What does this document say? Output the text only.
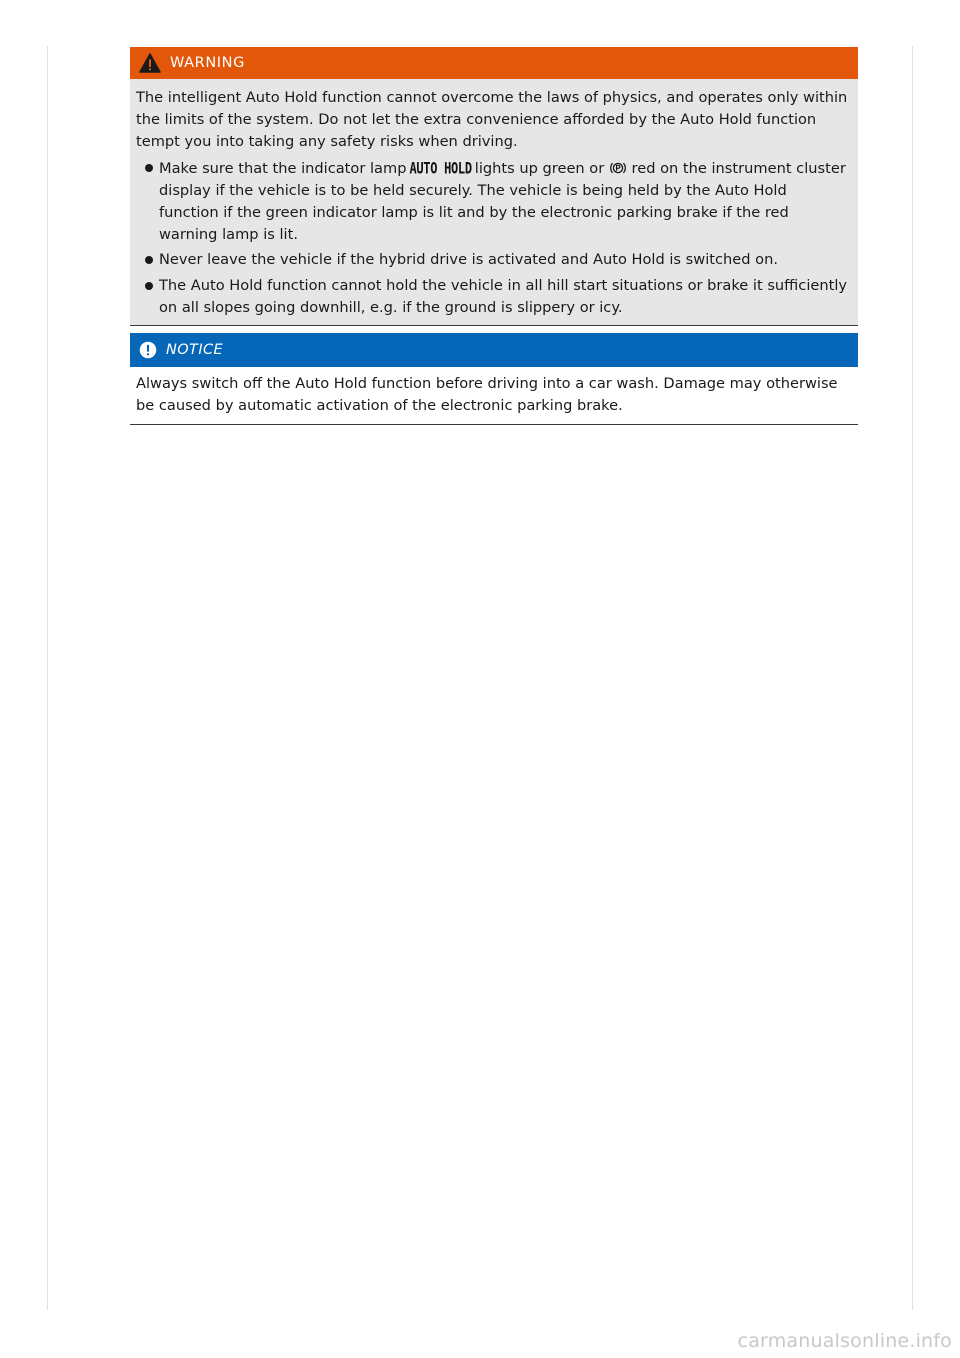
WARNING

The intelligent Auto Hold function cannot overcome the laws of physics, and operates only within the limits of the system. Do not let the extra convenience afforded by the Auto Hold function tempt you into taking any safety risks when driving.

Make sure that the indicator lamp AUTO HOLD lights up green or red on the instrument cluster display if the vehicle is to be held securely. The vehicle is being held by the Auto Hold function if the green indicator lamp is lit and by the electronic parking brake if the red warning lamp is lit.
Never leave the vehicle if the hybrid drive is activated and Auto Hold is switched on.
The Auto Hold function cannot hold the vehicle in all hill start situations or brake it sufficiently on all slopes going downhill, e.g. if the ground is slippery or icy.
NOTICE

Always switch off the Auto Hold function before driving into a car wash. Damage may otherwise be caused by automatic activation of the electronic parking brake.

carmanualsonline.info
